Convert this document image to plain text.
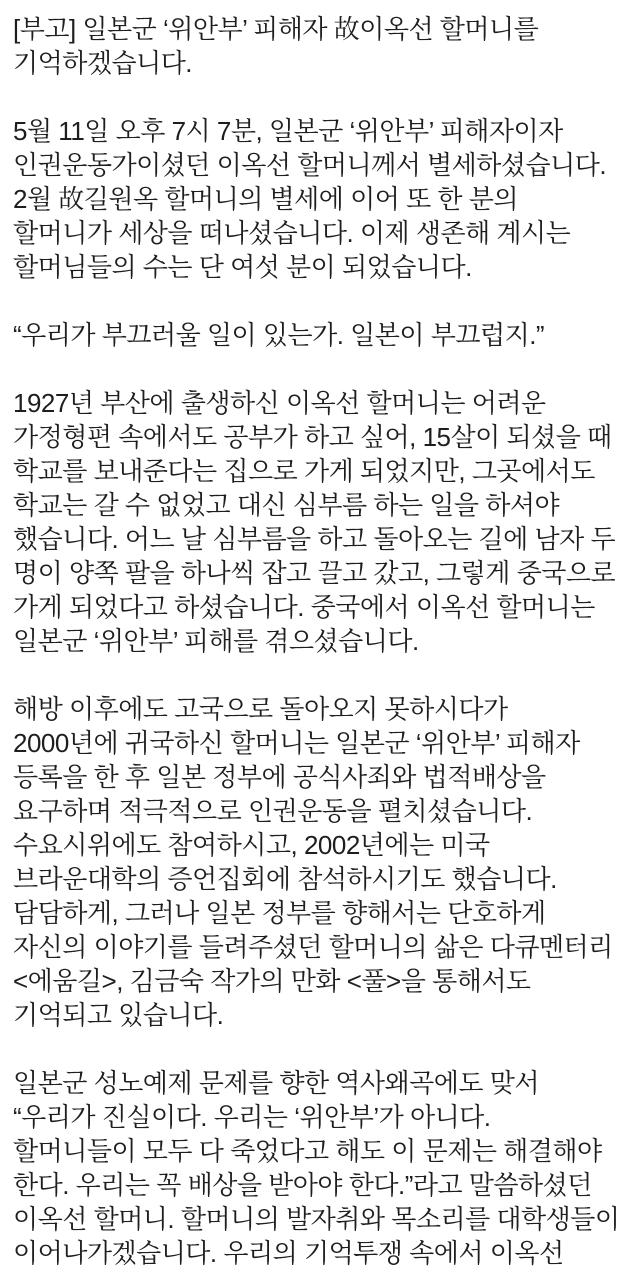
[부고] 일본군 ‘위안부’ 피해자 故이옥선 할머니를
기억하겠습니다.

5월 11일 오후 7시 7분, 일본군 ‘위안부’ 피해자이자
인권운동가이셨던 이옥선 할머니께서 별세하셨습니다.
2월 故길원옥 할머니의 별세에 이어 또 한 분의
할머니가 세상을 떠나셨습니다. 이제 생존해 계시는
할머님들의 수는 단 여섯 분이 되었습니다.

“우리가 부끄러울 일이 있는가. 일본이 부끄럽지.”

1927년 부산에 출생하신 이옥선 할머니는 어려운
가정형편 속에서도 공부가 하고 싶어, 15살이 되셨을 때
학교를 보내준다는 집으로 가게 되었지만, 그곳에서도
학교는 갈 수 없었고 대신 심부름 하는 일을 하셔야
했습니다. 어느 날 심부름을 하고 돌아오는 길에 남자 두
명이 양쪽 팔을 하나씩 잡고 끌고 갔고, 그렇게 중국으로
가게 되었다고 하셨습니다. 중국에서 이옥선 할머니는
일본군 ‘위안부’ 피해를 겪으셨습니다.

해방 이후에도 고국으로 돌아오지 못하시다가
2000년에 귀국하신 할머니는 일본군 ‘위안부’ 피해자
등록을 한 후 일본 정부에 공식사죄와 법적배상을
요구하며 적극적으로 인권운동을 펼치셨습니다.
수요시위에도 참여하시고, 2002년에는 미국
브라운대학의 증언집회에 참석하시기도 했습니다.
담담하게, 그러나 일본 정부를 향해서는 단호하게
자신의 이야기를 들려주셨던 할머니의 삶은 다큐멘터리
<에움길>, 김금숙 작가의 만화 <풀>을 통해서도
기억되고 있습니다.

일본군 성노예제 문제를 향한 역사왜곡에도 맞서
“우리가 진실이다. 우리는 ‘위안부’가 아니다.
할머니들이 모두 다 죽었다고 해도 이 문제는 해결해야
한다. 우리는 꼭 배상을 받아야 한다.”라고 말씀하셨던
이옥선 할머니. 할머니의 발자취와 목소리를 대학생들이
이어나가겠습니다. 우리의 기억투쟁 속에서 이옥선
